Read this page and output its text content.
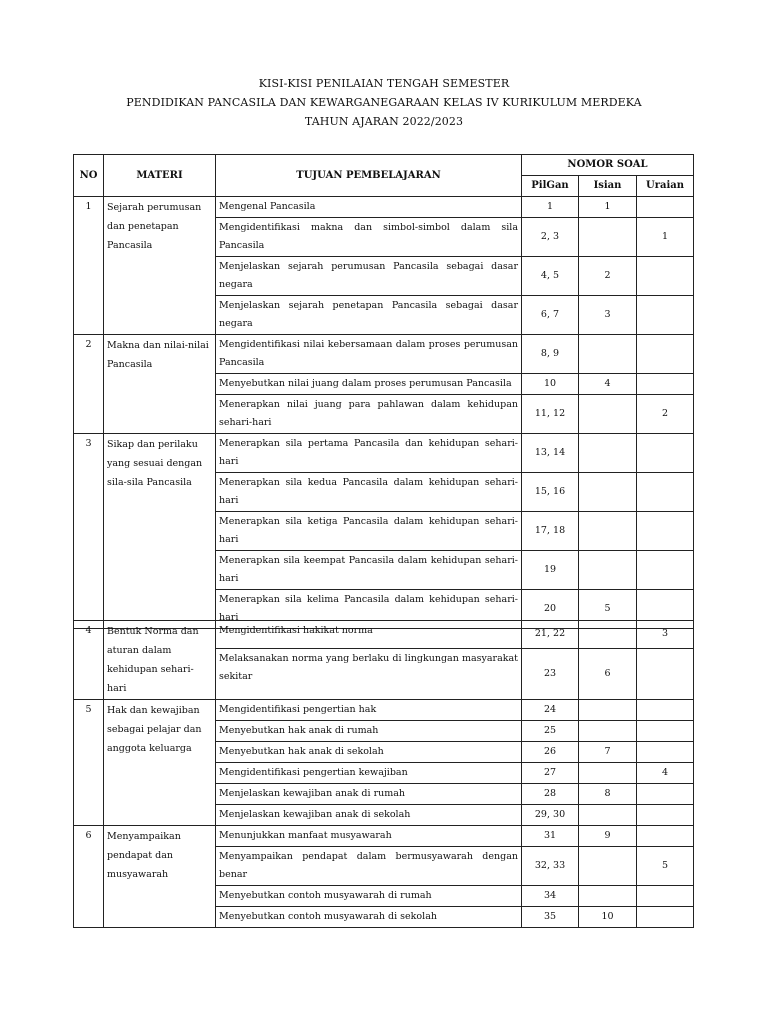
KISI-KISI PENILAIAN TENGAH SEMESTER
PENDIDIKAN PANCASILA DAN KEWARGANEGARAAN KELAS IV KURIKULUM MERDEKA
TAHUN AJARAN 2022/2023
NO	MATERI	TUJUAN PEMBELAJARAN	NOMOR SOAL		
			PilGan	Isian	Uraian
1	Sejarah perumusan dan penetapan Pancasila	Mengenal Pancasila	1	1	
		Mengidentifikasi makna dan simbol-simbol dalam sila Pancasila	2, 3		1
		Menjelaskan sejarah perumusan Pancasila sebagai dasar negara	4, 5	2	
		Menjelaskan sejarah penetapan Pancasila sebagai dasar negara	6, 7	3	
2	Makna dan nilai-nilai Pancasila	Mengidentifikasi nilai kebersamaan dalam proses perumusan Pancasila	8, 9		
		Menyebutkan nilai juang dalam proses perumusan Pancasila	10	4	
		Menerapkan nilai juang para pahlawan dalam kehidupan sehari-hari	11, 12		2
3	Sikap dan perilaku yang sesuai dengan sila-sila Pancasila	Menerapkan sila pertama Pancasila dan kehidupan sehari-hari	13, 14		
		Menerapkan sila kedua Pancasila dalam kehidupan sehari-hari	15, 16		
		Menerapkan sila ketiga Pancasila dalam kehidupan sehari-hari	17, 18		
		Menerapkan sila keempat Pancasila dalam kehidupan sehari-hari	19		
		Menerapkan sila kelima Pancasila dalam kehidupan sehari-hari	20	5	
4	Bentuk Norma dan aturan dalam kehidupan sehari-hari	Mengidentifikasi hakikat norma	21, 22		3
		Melaksanakan norma yang berlaku di lingkungan masyarakat sekitar	23	6	
5	Hak dan kewajiban sebagai pelajar dan anggota keluarga	Mengidentifikasi pengertian hak	24		
		Menyebutkan hak anak di rumah	25		
		Menyebutkan hak anak di sekolah	26	7	
		Mengidentifikasi pengertian kewajiban	27		4
		Menjelaskan kewajiban anak di rumah	28	8	
		Menjelaskan kewajiban anak di sekolah	29, 30		
6	Menyampaikan pendapat dan musyawarah	Menunjukkan manfaat musyawarah	31	9	
		Menyampaikan pendapat dalam bermusyawarah dengan benar	32, 33		5
		Menyebutkan contoh musyawarah di rumah	34		
		Menyebutkan contoh musyawarah di sekolah	35	10	
